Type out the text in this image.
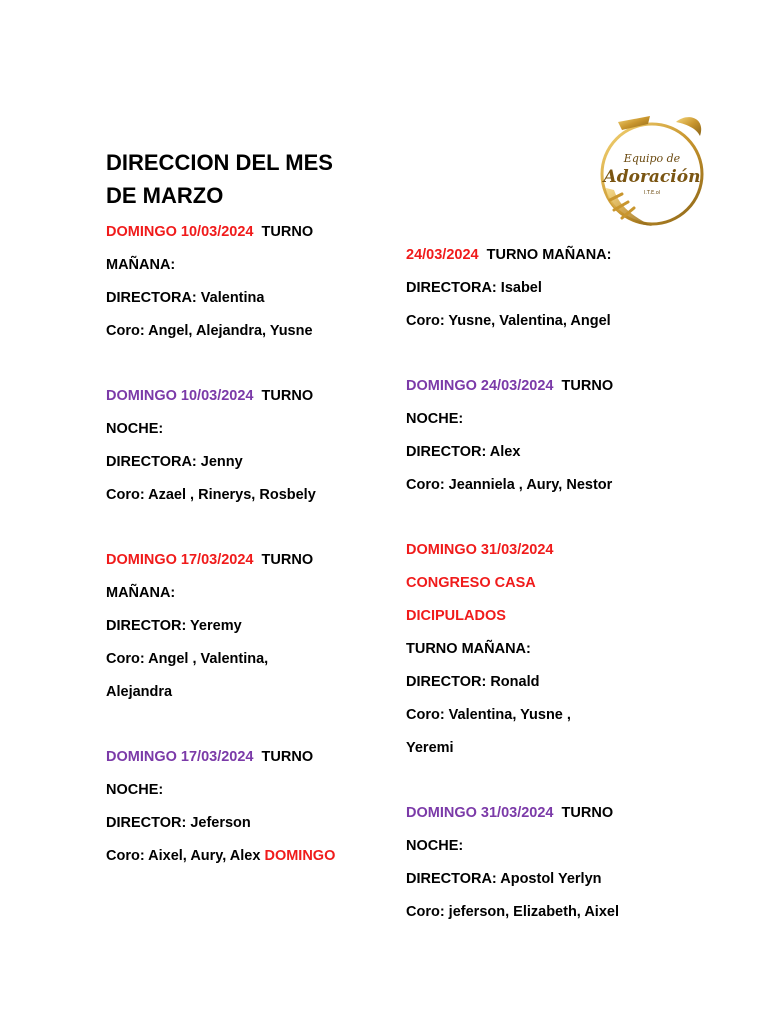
DIRECCION DEL MES
DE MARZO
Equipo de
Adoración
I.T.E.ol
DOMINGO 10/03/2024  TURNO
MAÑANA:
DIRECTORA: Valentina
Coro: Angel, Alejandra, Yusne
DOMINGO 10/03/2024  TURNO
NOCHE:
DIRECTORA: Jenny
Coro: Azael , Rinerys, Rosbely
DOMINGO 17/03/2024  TURNO
MAÑANA:
DIRECTOR: Yeremy
Coro: Angel , Valentina,
Alejandra
DOMINGO 17/03/2024  TURNO
NOCHE:
DIRECTOR: Jeferson
Coro: Aixel, Aury, Alex DOMINGO
24/03/2024  TURNO MAÑANA:
DIRECTORA: Isabel
Coro: Yusne, Valentina, Angel
DOMINGO 24/03/2024  TURNO
NOCHE:
DIRECTOR: Alex
Coro: Jeanniela , Aury, Nestor
DOMINGO 31/03/2024
CONGRESO CASA
DICIPULADOS
TURNO MAÑANA:
DIRECTOR: Ronald
Coro: Valentina, Yusne ,
Yeremi
DOMINGO 31/03/2024  TURNO
NOCHE:
DIRECTORA: Apostol Yerlyn
Coro: jeferson, Elizabeth, Aixel
